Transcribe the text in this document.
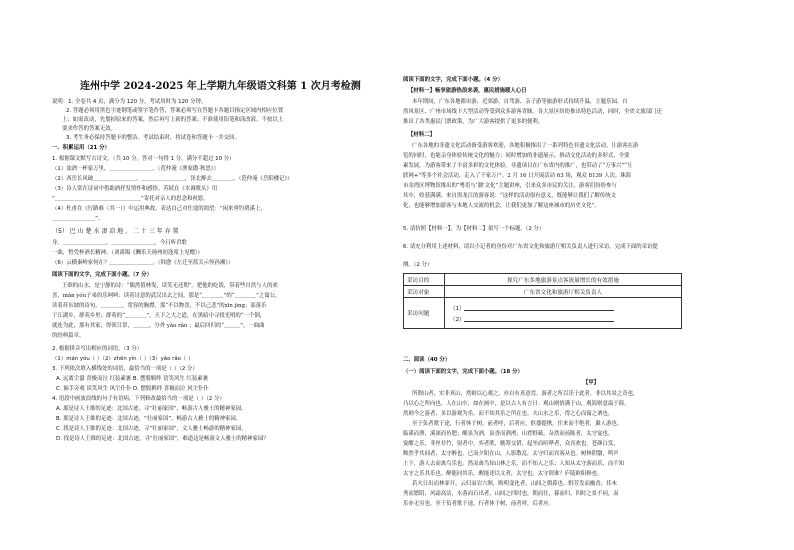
连州中学 2024-2025 年上学期九年级语文科第 1 次月考检测
说明：1. 全卷共 4 页，满分为 120 分。考试用时为 120 分钟。
2. 答题必须用黑色字迹钢笔或签字笔作答，答案必须写在答题卡各题目指定区域内相应位置
上；如需改动，先划掉原来的答案，然后再写上新的答案；不准使用铅笔和涂改液。不按以上
要求作答的答案无效。
3. 考生务必保持答题卡的整洁。考试结束时，将试卷和答题卡一并交回。
一、积累运用（21 分）
1. 根据课文默写古诗文。（共 10 分。答对一句得 1 分，满分不超过 10 分）
（1）浊酒一杯家万里，＿＿＿＿＿＿＿＿。（范仲淹《渔家傲·秋思》）
（2）西岳长风破＿＿＿＿＿＿＿＿，＿＿＿＿＿＿＿＿，泽北醉去＿＿＿＿。（范仲淹《岳阳楼记》）
（3）诗人常在诗词中借助酒抒发情怀和感悟。苏轼在《水调歌头》用
“＿＿＿＿＿＿＿＿＿＿＿＿＿＿＿＿”寄托对亲人的思念和祝愿。
（4）杜甫在《行路难（其一）》中运用典故，表达自己对仕途的渴望：“闲来垂钓碧溪上，
＿＿＿＿＿＿＿＿”。
（5） 巴 山 楚 水 凄 凉 地 ， 二 十 三 年 弃 置
身。＿＿＿＿＿＿＿＿，＿＿＿＿＿＿＿＿。今日听君歌
一曲，暂凭杯酒长精神。（刘禹锡《酬乐天扬州初逢席上见赠》）
（6）云横秦岭家何在？＿＿＿＿＿＿＿＿。（韩愈《左迁至蓝关示侄孙湘》）
阅读下面的文字，完成下面小题。（7 分）
王维的山水，是宁静的诗：“偶然值林叟，谈笑无还期”。把他的吃饭，带着些自然与人的欢
喜，mán yóu子弟的乐呵呵：读着诗意的武汉出去之间，那是“＿＿＿＿”的“＿＿＿＿”之寓公，
读着苏东坡的诗句，＿＿＿＿，宽容的胸襟，那“不以物喜，不以己悲”的xīn jìng；部落乐
于江湖乡，群英乡里；群英的“＿＿＿＿”，天下之大之道，在黑暗中寻找光明的“一个倒，
就连为此，那有其家，得领日常，＿＿＿，分外 yǎo rǎo ；最后回归的“＿＿＿”。一曲曲
的经典篇章。
2. 根据拼音写出相应的词语。（3 分）
（1）mán yóu（ ）（2）zhēn yín（ ）（3）yǎo rǎo（ ）
3. 下列依次填入横线处的词语，最恰当的一项是（ ）（2 分）
A. 远离尘嚣 喜极而泣 红装素裹 B. 摆脱羁绊 语笑风生 红装素裹
C. 袖手旁观 谈笑风生 风尘仆仆 D. 摆脱羁绊 喜极而泣 风尘仆仆
4. 语段中画波浪线的句子有语病，下列修改最恰当的一项是（ ）（2 分）
A. 那是诗人王维的足迹：北国古迹，寻“壮丽家国”，畅游古人雅士的精神家园。
B. 那是诗人王维的足迹：北国古迹，“壮丽家国”，畅游古人雅士的精神家园。
C. 找是诗人王维的足迹：北国古迹，寻“壮丽家国”，文人雅士畅游的精神家园。
D. 找是诗人王维的足迹：北国古迹，寻“壮丽家国”，难道这是畅游文人雅士的精神家园？
阅读下面的文字，完成下面小题。（4 分）
【材料一】畅享旅游热浪来袭，惠民措施暖人心日
本年期间，广东各地都市游、近郊游、自驾游、亲子游等旅游形式持续升温，主题乐园、自
然风景区、广州市场线下大型活动等受到众多游客青睐。各大景区纷纷推出特色活动，同时，全省文旅部门还
推出了各类惠民门票政策，为广大游客提供了更多的便利。
【材料二】
广东各地的非遗文化活动备受游客欢迎，各地积极推出了一系列特色非遗文化活动，让游客在游
览的同时，也能亲身体验传统文化的魅力；同时增加的非遗展示，推动文化活动的多形式、全要
素发展，为游客带来了丰富多彩的文化体验。非遗项目在广东省内的推广，也带动了“万事兴”“互
联网+”等多个社会活动，走入了千家万户。2 月 16 日开展活动 63 场，观众 8139 人次。珠海
市金湾区博物馆推出的“粤语与‘潮’文化”主题讲座，引来众多市民的关注，游客们纷纷参与
其中，收获满满。来自黑龙江的游客说：“这样的活动很有意义，既能够让我们了解传统文
化，也能够增加游客与本地人交流的机会，让我们更加了解这座城市的历史文化”。
5. 请仿照【材料一】，为【材料二】拟写一个标题。（2 分）
6. 请充分利用上述材料，请以小记者的身份对广东省文化和旅游厅相关负责人进行采访。完成下面的采访提
纲。（2 分）
采访目的	探究广东多地旅游景点客流量增长的有效措施
采访对象	广东省文化和旅游厅相关负责人
采访问题	（1）
（2）
二、阅读（40 分）
（一）阅读下面的文字，完成下面小题。（18 分）
【甲】
所谓山者，实非真山，然则以心观之，亦自有真意焉。游者之所以乐于此者，非以其景之奇也，
乃以心之所向也。人在山中，如在画中，是以古人有言曰：观山则情满于山，观海则意溢于海。
然则今之游者，多以游观为乐，而不知其乐之所在也。夫山水之乐，得之心而寓之酒也。
至于负者歌于途，行者休于树，前者呼，后者应，伛偻提携，往来而不绝者，滁人游也。
临溪而渔，溪深而鱼肥；酿泉为酒，泉香而酒洌；山肴野蔌，杂然而前陈者，太守宴也。
宴酣之乐，非丝非竹，射者中，弈者胜，觥筹交错，起坐而喧哗者，众宾欢也。苍颜白发，
颓然乎其间者，太守醉也。已而夕阳在山，人影散乱，太守归而宾客从也。树林阴翳，鸣声
上下，游人去而禽鸟乐也。然而禽鸟知山林之乐，而不知人之乐；人知从太守游而乐，而不知
太守之乐其乐也。醉能同其乐，醒能述以文者，太守也。太守谓谁？庐陵欧阳修也。
若夫日出而林霏开，云归而岩穴暝，晦明变化者，山间之朝暮也。野芳发而幽香，佳木
秀而繁阴，风霜高洁，水落而石出者，山间之四时也。朝而往，暮而归，四时之景不同，而
乐亦无穷也。至于负者歌于途，行者休于树，前者呼，后者应。
